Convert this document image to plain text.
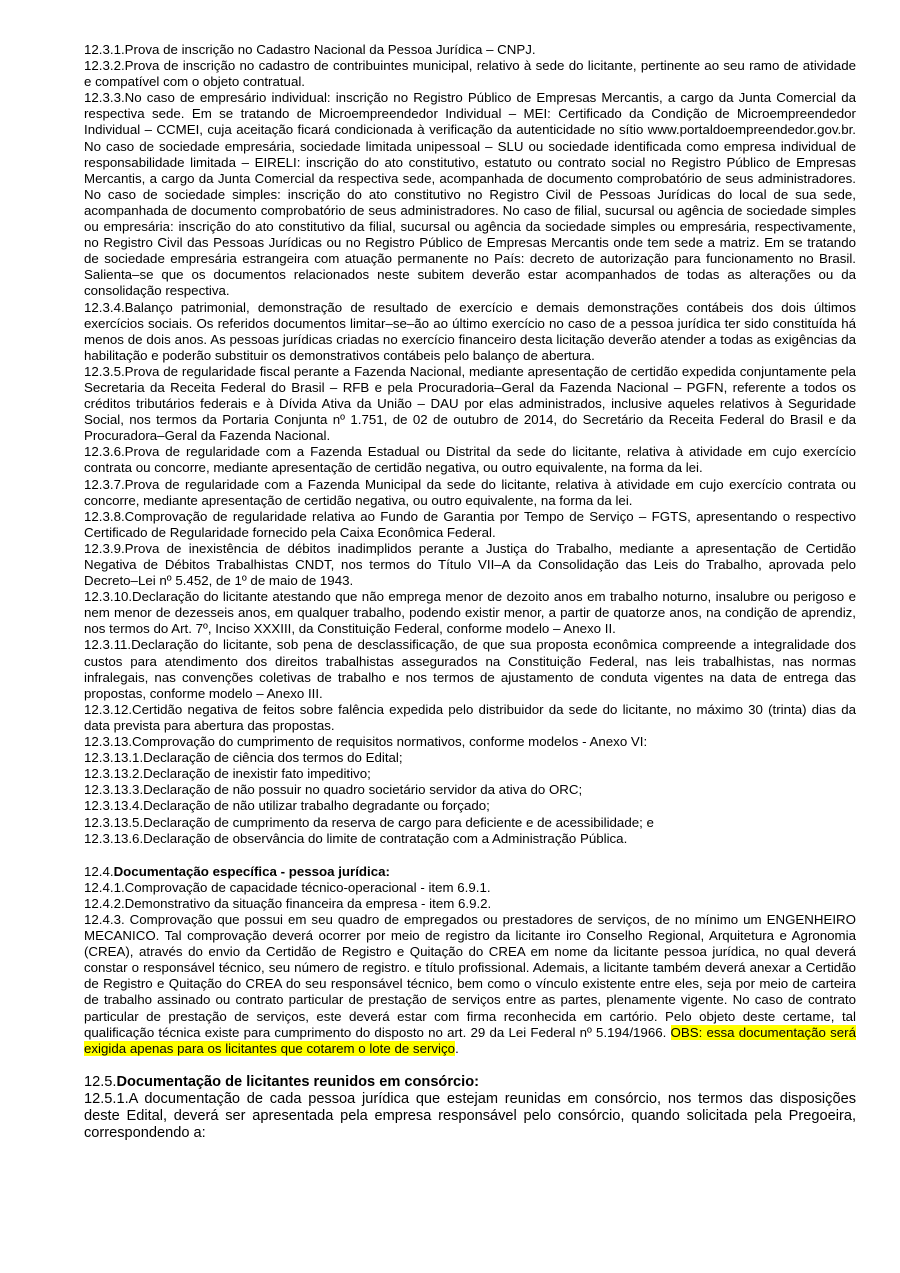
12.3.1.Prova de inscrição no Cadastro Nacional da Pessoa Jurídica – CNPJ.

12.3.2.Prova de inscrição no cadastro de contribuintes municipal, relativo à sede do licitante, pertinente ao seu ramo de atividade e compatível com o objeto contratual.

12.3.3.No caso de empresário individual: inscrição no Registro Público de Empresas Mercantis, a cargo da Junta Comercial da respectiva sede. Em se tratando de Microempreendedor Individual – MEI: Certificado da Condição de Microempreendedor Individual – CCMEI, cuja aceitação ficará condicionada à verificação da autenticidade no sítio www.portaldoempreendedor.gov.br. No caso de sociedade empresária, sociedade limitada unipessoal – SLU ou sociedade identificada como empresa individual de responsabilidade limitada – EIRELI: inscrição do ato constitutivo, estatuto ou contrato social no Registro Público de Empresas Mercantis, a cargo da Junta Comercial da respectiva sede, acompanhada de documento comprobatório de seus administradores. No caso de sociedade simples: inscrição do ato constitutivo no Registro Civil de Pessoas Jurídicas do local de sua sede, acompanhada de documento comprobatório de seus administradores. No caso de filial, sucursal ou agência de sociedade simples ou empresária: inscrição do ato constitutivo da filial, sucursal ou agência da sociedade simples ou empresária, respectivamente, no Registro Civil das Pessoas Jurídicas ou no Registro Público de Empresas Mercantis onde tem sede a matriz. Em se tratando de sociedade empresária estrangeira com atuação permanente no País: decreto de autorização para funcionamento no Brasil. Salienta–se que os documentos relacionados neste subitem deverão estar acompanhados de todas as alterações ou da consolidação respectiva.

12.3.4.Balanço patrimonial, demonstração de resultado de exercício e demais demonstrações contábeis dos dois últimos exercícios sociais. Os referidos documentos limitar–se–ão ao último exercício no caso de a pessoa jurídica ter sido constituída há menos de dois anos. As pessoas jurídicas criadas no exercício financeiro desta licitação deverão atender a todas as exigências da habilitação e poderão substituir os demonstrativos contábeis pelo balanço de abertura.

12.3.5.Prova de regularidade fiscal perante a Fazenda Nacional, mediante apresentação de certidão expedida conjuntamente pela Secretaria da Receita Federal do Brasil – RFB e pela Procuradoria–Geral da Fazenda Nacional – PGFN, referente a todos os créditos tributários federais e à Dívida Ativa da União – DAU por elas administrados, inclusive aqueles relativos à Seguridade Social, nos termos da Portaria Conjunta nº 1.751, de 02 de outubro de 2014, do Secretário da Receita Federal do Brasil e da Procuradora–Geral da Fazenda Nacional.

12.3.6.Prova de regularidade com a Fazenda Estadual ou Distrital da sede do licitante, relativa à atividade em cujo exercício contrata ou concorre, mediante apresentação de certidão negativa, ou outro equivalente, na forma da lei.

12.3.7.Prova de regularidade com a Fazenda Municipal da sede do licitante, relativa à atividade em cujo exercício contrata ou concorre, mediante apresentação de certidão negativa, ou outro equivalente, na forma da lei.

12.3.8.Comprovação de regularidade relativa ao Fundo de Garantia por Tempo de Serviço – FGTS, apresentando o respectivo Certificado de Regularidade fornecido pela Caixa Econômica Federal.

12.3.9.Prova de inexistência de débitos inadimplidos perante a Justiça do Trabalho, mediante a apresentação de Certidão Negativa de Débitos Trabalhistas CNDT, nos termos do Título VII–A da Consolidação das Leis do Trabalho, aprovada pelo Decreto–Lei nº 5.452, de 1º de maio de 1943.

12.3.10.Declaração do licitante atestando que não emprega menor de dezoito anos em trabalho noturno, insalubre ou perigoso e nem menor de dezesseis anos, em qualquer trabalho, podendo existir menor, a partir de quatorze anos, na condição de aprendiz, nos termos do Art. 7º, Inciso XXXIII, da Constituição Federal, conforme modelo – Anexo II.

12.3.11.Declaração do licitante, sob pena de desclassificação, de que sua proposta econômica compreende a integralidade dos custos para atendimento dos direitos trabalhistas assegurados na Constituição Federal, nas leis trabalhistas, nas normas infralegais, nas convenções coletivas de trabalho e nos termos de ajustamento de conduta vigentes na data de entrega das propostas, conforme modelo – Anexo III.

12.3.12.Certidão negativa de feitos sobre falência expedida pelo distribuidor da sede do licitante, no máximo 30 (trinta) dias da data prevista para abertura das propostas.

12.3.13.Comprovação do cumprimento de requisitos normativos, conforme modelos - Anexo VI:

12.3.13.1.Declaração de ciência dos termos do Edital;

12.3.13.2.Declaração de inexistir fato impeditivo;

12.3.13.3.Declaração de não possuir no quadro societário servidor da ativa do ORC;

12.3.13.4.Declaração de não utilizar trabalho degradante ou forçado;

12.3.13.5.Declaração de cumprimento da reserva de cargo para deficiente e de acessibilidade; e

12.3.13.6.Declaração de observância do limite de contratação com a Administração Pública.

12.4.Documentação específica - pessoa jurídica:

12.4.1.Comprovação de capacidade técnico-operacional - item 6.9.1.

12.4.2.Demonstrativo da situação financeira da empresa - item 6.9.2.

12.4.3. Comprovação que possui em seu quadro de empregados ou prestadores de serviços, de no mínimo um ENGENHEIRO MECANICO. Tal comprovação deverá ocorrer por meio de registro da licitante iro Conselho Regional, Arquitetura e Agronomia (CREA), através do envio da Certidão de Registro e Quitação do CREA em nome da licitante pessoa jurídica, no qual deverá constar o responsável técnico, seu número de registro. e título profissional. Ademais, a licitante também deverá anexar a Certidão de Registro e Quitação do CREA do seu responsável técnico, bem como o vínculo existente entre eles, seja por meio de carteira de trabalho assinado ou contrato particular de prestação de serviços entre as partes, plenamente vigente. No caso de contrato particular de prestação de serviços, este deverá estar com firma reconhecida em cartório. Pelo objeto deste certame, tal qualificação técnica existe para cumprimento do disposto no art. 29 da Lei Federal nº 5.194/1966. OBS: essa documentação será exigida apenas para os licitantes que cotarem o lote de serviço.

12.5.Documentação de licitantes reunidos em consórcio:

12.5.1.A documentação de cada pessoa jurídica que estejam reunidas em consórcio, nos termos das disposições deste Edital, deverá ser apresentada pela empresa responsável pelo consórcio, quando solicitada pela Pregoeira, correspondendo a:
